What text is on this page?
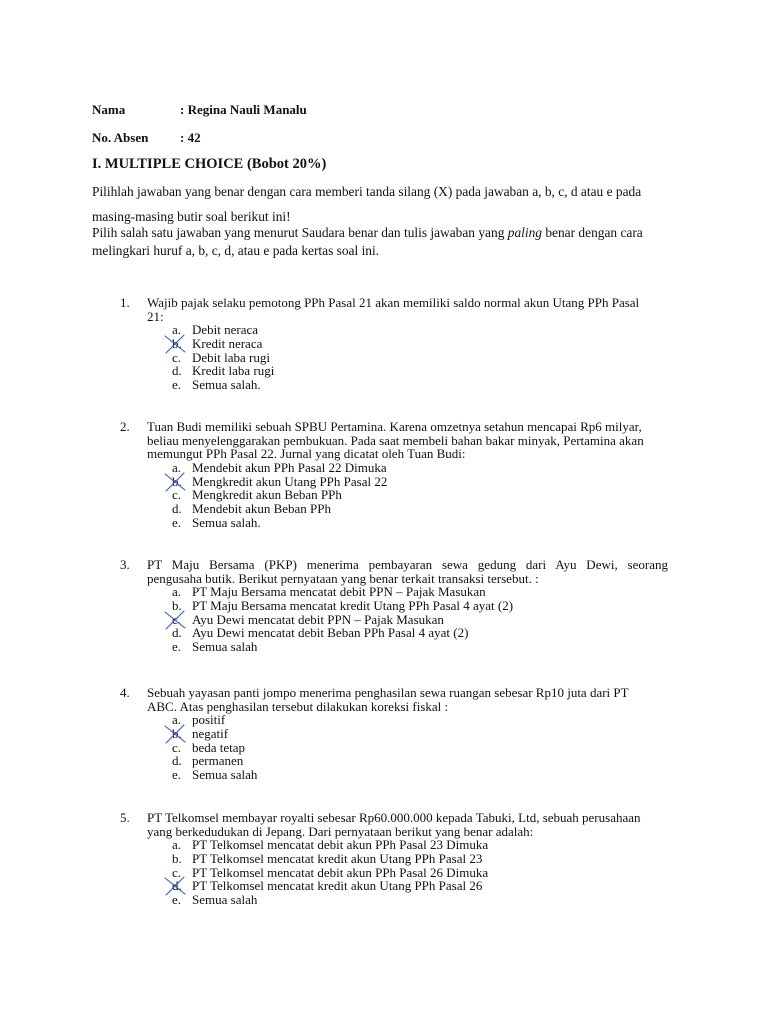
Nama	: Regina Nauli Manalu
No. Absen : 42
I. MULTIPLE CHOICE (Bobot 20%)
Pilihlah jawaban yang benar dengan cara memberi tanda silang (X) pada jawaban a, b, c, d atau e pada
masing-masing butir soal berikut ini!
Pilih salah satu jawaban yang menurut Saudara benar dan tulis jawaban yang paling benar dengan cara
melingkari huruf a, b, c, d, atau e pada kertas soal ini.
1. Wajib pajak selaku pemotong PPh Pasal 21 akan memiliki saldo normal akun Utang PPh Pasal
21:
a. Debit neraca
b. Kredit neraca
c. Debit laba rugi
d. Kredit laba rugi
e. Semua salah.
2. Tuan Budi memiliki sebuah SPBU Pertamina. Karena omzetnya setahun mencapai Rp6 milyar, beliau menyelenggarakan pembukuan. Pada saat membeli bahan bakar minyak, Pertamina akan
memungut PPh Pasal 22. Jurnal yang dicatat oleh Tuan Budi:
a. Mendebit akun PPh Pasal 22 Dimuka
b. Mengkredit akun Utang PPh Pasal 22
c. Mengkredit akun Beban PPh
d. Mendebit akun Beban PPh
e. Semua salah.
3. PT Maju Bersama (PKP) menerima pembayaran sewa gedung dari Ayu Dewi, seorang
pengusaha butik. Berikut pernyataan yang benar terkait transaksi tersebut. :
a. PT Maju Bersama mencatat debit PPN – Pajak Masukan
b. PT Maju Bersama mencatat kredit Utang PPh Pasal 4 ayat (2)
c. Ayu Dewi mencatat debit PPN – Pajak Masukan
d. Ayu Dewi mencatat debit Beban PPh Pasal 4 ayat (2)
e. Semua salah
4. Sebuah yayasan panti jompo menerima penghasilan sewa ruangan sebesar Rp10 juta dari PT
ABC. Atas penghasilan tersebut dilakukan koreksi fiskal :
a. positif
b. negatif
c. beda tetap
d. permanen
e. Semua salah
5. PT Telkomsel membayar royalti sebesar Rp60.000.000 kepada Tabuki, Ltd, sebuah perusahaan
yang berkedudukan di Jepang. Dari pernyataan berikut yang benar adalah:
a. PT Telkomsel mencatat debit akun PPh Pasal 23 Dimuka
b. PT Telkomsel mencatat kredit akun Utang PPh Pasal 23
c. PT Telkomsel mencatat debit akun PPh Pasal 26 Dimuka
d. PT Telkomsel mencatat kredit akun Utang PPh Pasal 26
e. Semua salah
